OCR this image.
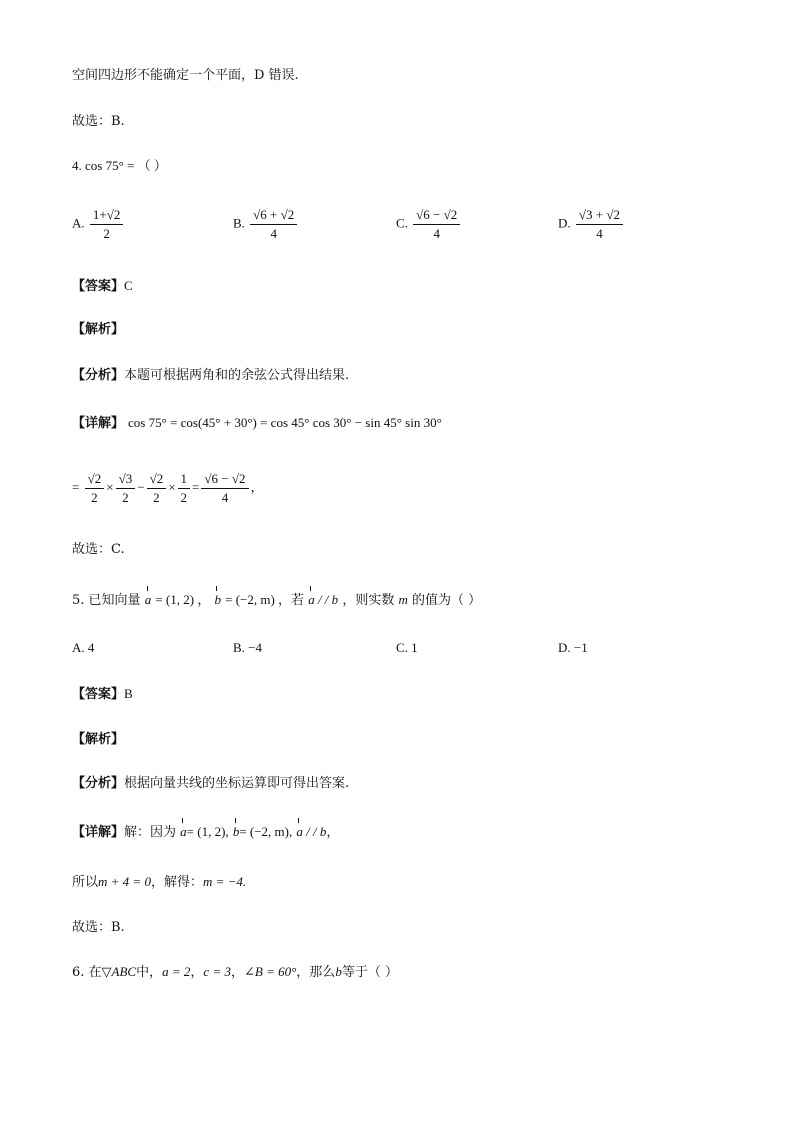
空间四边形不能确定一个平面，D 错误.
故选：B.
4. cos 75° = （ ）
A. $\frac{1+√2}{2}$	B. $\frac{√6 + √2}{4}$	C. $\frac{√6 - √2}{4}$	D. $\frac{√3 + √2}{4}$
【答案】C
【解析】
【分析】本题可根据两角和的余弦公式得出结果.
【详解】 cos 75° = cos(45° + 30°) = cos 45° cos 30° − sin 45° sin 30°
= $\frac{√2}{2} \times \frac{√3}{2} - \frac{√2}{2} \times \frac{1}{2} = \frac{√6 - √2}{4}$ ，
故选：C.
5. 已知向量 a = (1, 2) ， b = (−2, m) ，若 a / / b ，则实数 m 的值为（ ）
A. 4	B. −4	C. 1	D. −1
【答案】B
【解析】
【分析】根据向量共线的坐标运算即可得出答案.
【详解】解：因为 a= (1, 2), b= (−2, m), a / / b，
所以m + 4 = 0，解得：m = −4.
故选：B.
6. 在▽ABC中，a = 2，c = 3，∠B = 60°，那么b等于（ ）
